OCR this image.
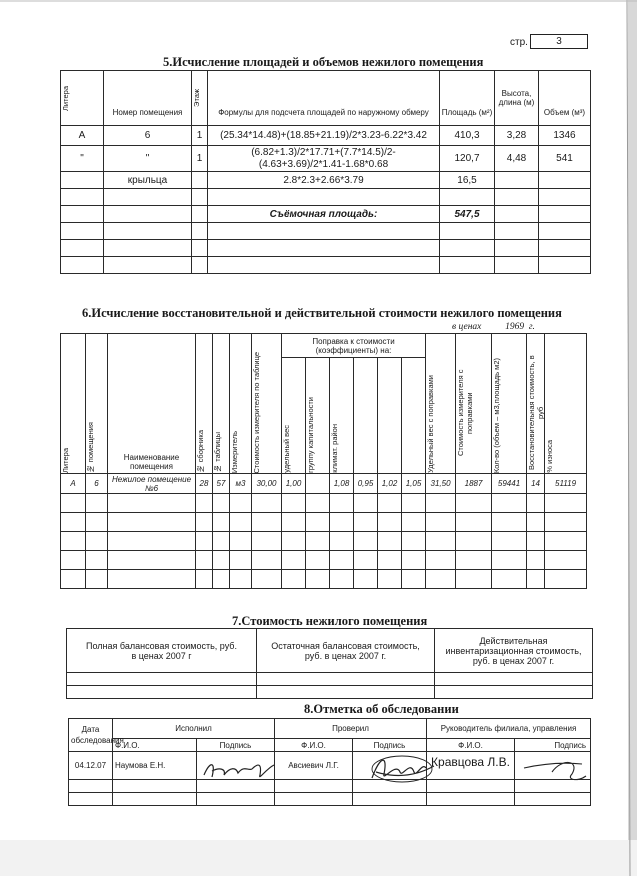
стр.	3
5.Исчисление площадей и объемов нежилого помещения
Литера	Номер помещения	Этаж	Формулы для подсчета площадей по наружному обмеру	Площадь (м²)	Высота, длина (м)	Объем (м³)
А	6	1	(25.34*14.48)+(18.85+21.19)/2*3.23-6.22*3.42	410,3	3,28	1346
"	"	1	(6.82+1.3)/2*17.71+(7.7*14.5)/2-
(4.63+3.69)/2*1.41-1.68*0.68	120,7	4,48	541
	крыльца		2.8*2.3+2.66*3.79	16,5		

			Съёмочная площадь:	547,5		

6.Исчисление восстановительной и действительной стоимости нежилого помещения
в ценах	1969 г.
Литера	№ помещения	Наименование помещения	№ сборника	№ таблицы	Измеритель	Стоимость измерителя по таблице	Поправка к стоимости (коэффициенты) на:						Удельный вес с поправками	Стоимость измерителя с поправками	Кол-во (объем – м3,площадь м2)	Восстановительная стоимость, в руб	% износа

							удельный вес	группу капитальности	климат. район									

А	6	Нежилое помещение №6	28	57	м3	30,00	1,00		1,08	0,95	1,02	1,05	31,50	1887	59441	14	51119	

7.Стоимость нежилого помещения
Полная балансовая стоимость, руб. в ценах 2007 г	Остаточная балансовая стоимость, руб. в ценах 2007 г.	Действительная инвентаризационная стоимость, руб. в ценах 2007 г.

8.Отметка об обследовании
Дата обследования	Исполнил		Проверил		Руководитель филиала, управления	
	Ф.И.О.	Подпись	Ф.И.О.	Подпись	Ф.И.О.	Подпись
04.12.07	Наумова Е.Н.		Авсиевич Л.Г.		Кравцова Л.В.	
